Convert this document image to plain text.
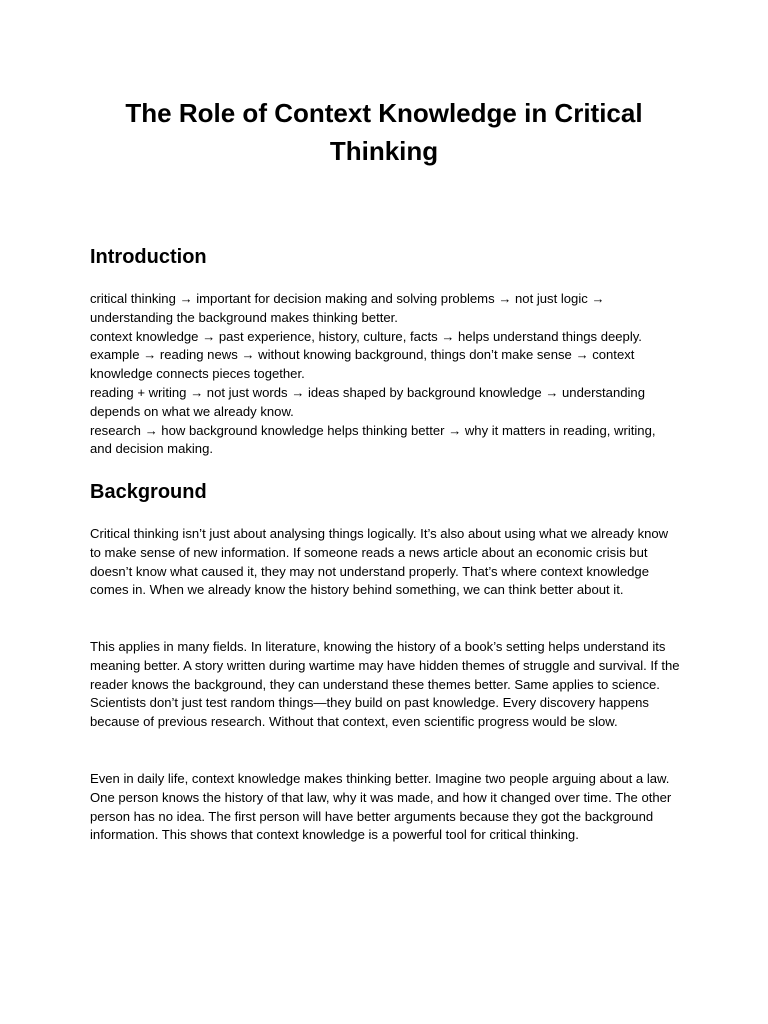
The Role of Context Knowledge in Critical Thinking
Introduction

critical thinking → important for decision making and solving problems → not just logic → understanding the background makes thinking better.

context knowledge → past experience, history, culture, facts → helps understand things deeply.

example → reading news → without knowing background, things don’t make sense → context knowledge connects pieces together.

reading + writing → not just words → ideas shaped by background knowledge → understanding depends on what we already know.

research → how background knowledge helps thinking better → why it matters in reading, writing, and decision making.

Background

Critical thinking isn’t just about analysing things logically. It’s also about using what we already know to make sense of new information. If someone reads a news article about an economic crisis but doesn’t know what caused it, they may not understand properly. That’s where context knowledge comes in. When we already know the history behind something, we can think better about it.

This applies in many fields. In literature, knowing the history of a book’s setting helps understand its meaning better. A story written during wartime may have hidden themes of struggle and survival. If the reader knows the background, they can understand these themes better. Same applies to science. Scientists don’t just test random things—they build on past knowledge. Every discovery happens because of previous research. Without that context, even scientific progress would be slow.

Even in daily life, context knowledge makes thinking better. Imagine two people arguing about a law. One person knows the history of that law, why it was made, and how it changed over time. The other person has no idea. The first person will have better arguments because they got the background information. This shows that context knowledge is a powerful tool for critical thinking.
